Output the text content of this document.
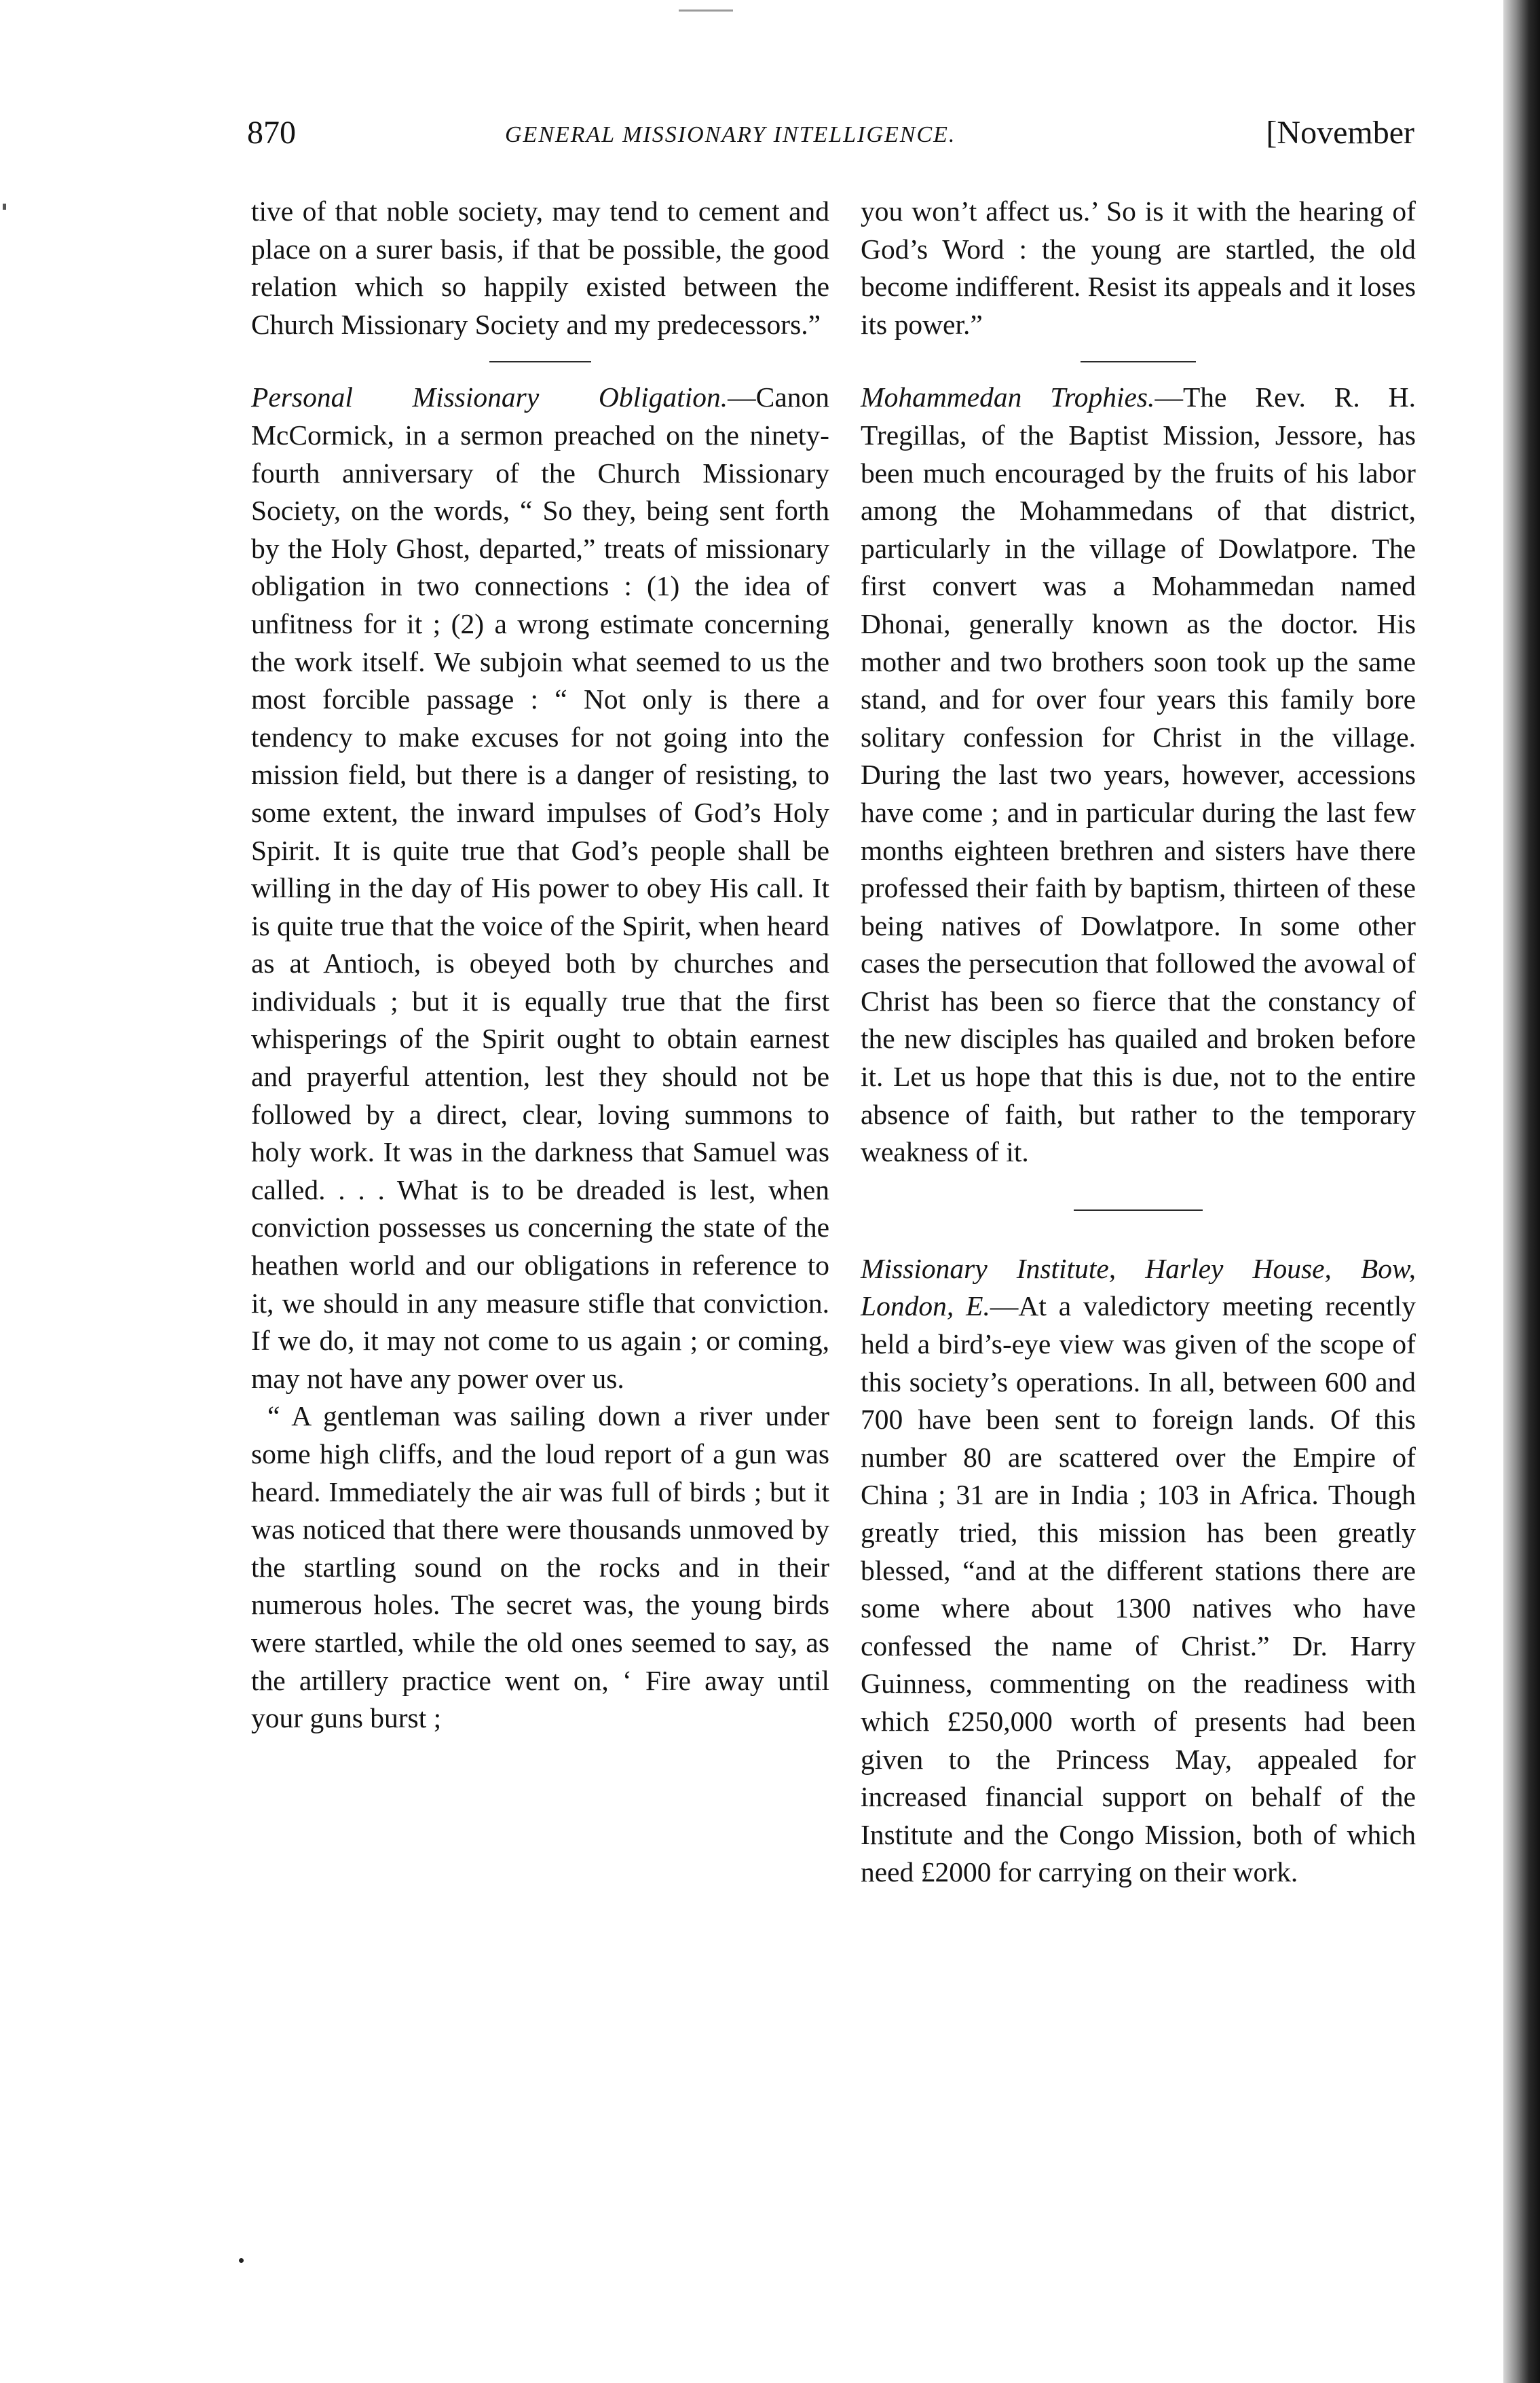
870	GENERAL MISSIONARY INTELLIGENCE.	[November

tive of that noble society, may tend to cement and place on a surer basis, if that be possible, the good relation which so happily existed between the Church Missionary Society and my predecessors.”

Personal Missionary Obligation.—Canon McCormick, in a sermon preached on the ninety-fourth anniversary of the Church Missionary Society, on the words, “ So they, being sent forth by the Holy Ghost, departed,” treats of missionary obligation in two connections : (1) the idea of unfitness for it ; (2) a wrong estimate concerning the work itself. We subjoin what seemed to us the most forcible passage : “ Not only is there a tendency to make excuses for not going into the mission field, but there is a danger of resisting, to some extent, the inward impulses of God’s Holy Spirit. It is quite true that God’s people shall be willing in the day of His power to obey His call. It is quite true that the voice of the Spirit, when heard as at Antioch, is obeyed both by churches and individuals ; but it is equally true that the first whisperings of the Spirit ought to obtain earnest and prayerful attention, lest they should not be followed by a direct, clear, loving summons to holy work. It was in the darkness that Samuel was called. . . . What is to be dreaded is lest, when conviction possesses us concerning the state of the heathen world and our obligations in reference to it, we should in any measure stifle that conviction. If we do, it may not come to us again ; or coming, may not have any power over us.

“ A gentleman was sailing down a river under some high cliffs, and the loud report of a gun was heard. Immediately the air was full of birds ; but it was noticed that there were thousands unmoved by the startling sound on the rocks and in their numerous holes. The secret was, the young birds were startled, while the old ones seemed to say, as the artillery practice went on, ‘ Fire away until your guns burst ;

you won’t affect us.’ So is it with the hearing of God’s Word : the young are startled, the old become indifferent. Resist its appeals and it loses its power.”

Mohammedan Trophies.—The Rev. R. H. Tregillas, of the Baptist Mission, Jessore, has been much encouraged by the fruits of his labor among the Mohammedans of that district, particularly in the village of Dowlatpore. The first convert was a Mohammedan named Dhonai, generally known as the doctor. His mother and two brothers soon took up the same stand, and for over four years this family bore solitary confession for Christ in the village. During the last two years, however, accessions have come ; and in particular during the last few months eighteen brethren and sisters have there professed their faith by baptism, thirteen of these being natives of Dowlatpore. In some other cases the persecution that followed the avowal of Christ has been so fierce that the constancy of the new disciples has quailed and broken before it. Let us hope that this is due, not to the entire absence of faith, but rather to the temporary weakness of it.

Missionary Institute, Harley House, Bow, London, E.—At a valedictory meeting recently held a bird’s-eye view was given of the scope of this society’s operations. In all, between 600 and 700 have been sent to foreign lands. Of this number 80 are scattered over the Empire of China ; 31 are in India ; 103 in Africa. Though greatly tried, this mission has been greatly blessed, “and at the different stations there are some where about 1300 natives who have confessed the name of Christ.” Dr. Harry Guinness, commenting on the readiness with which £250,000 worth of presents had been given to the Princess May, appealed for increased financial support on behalf of the Institute and the Congo Mission, both of which need £2000 for carrying on their work.
